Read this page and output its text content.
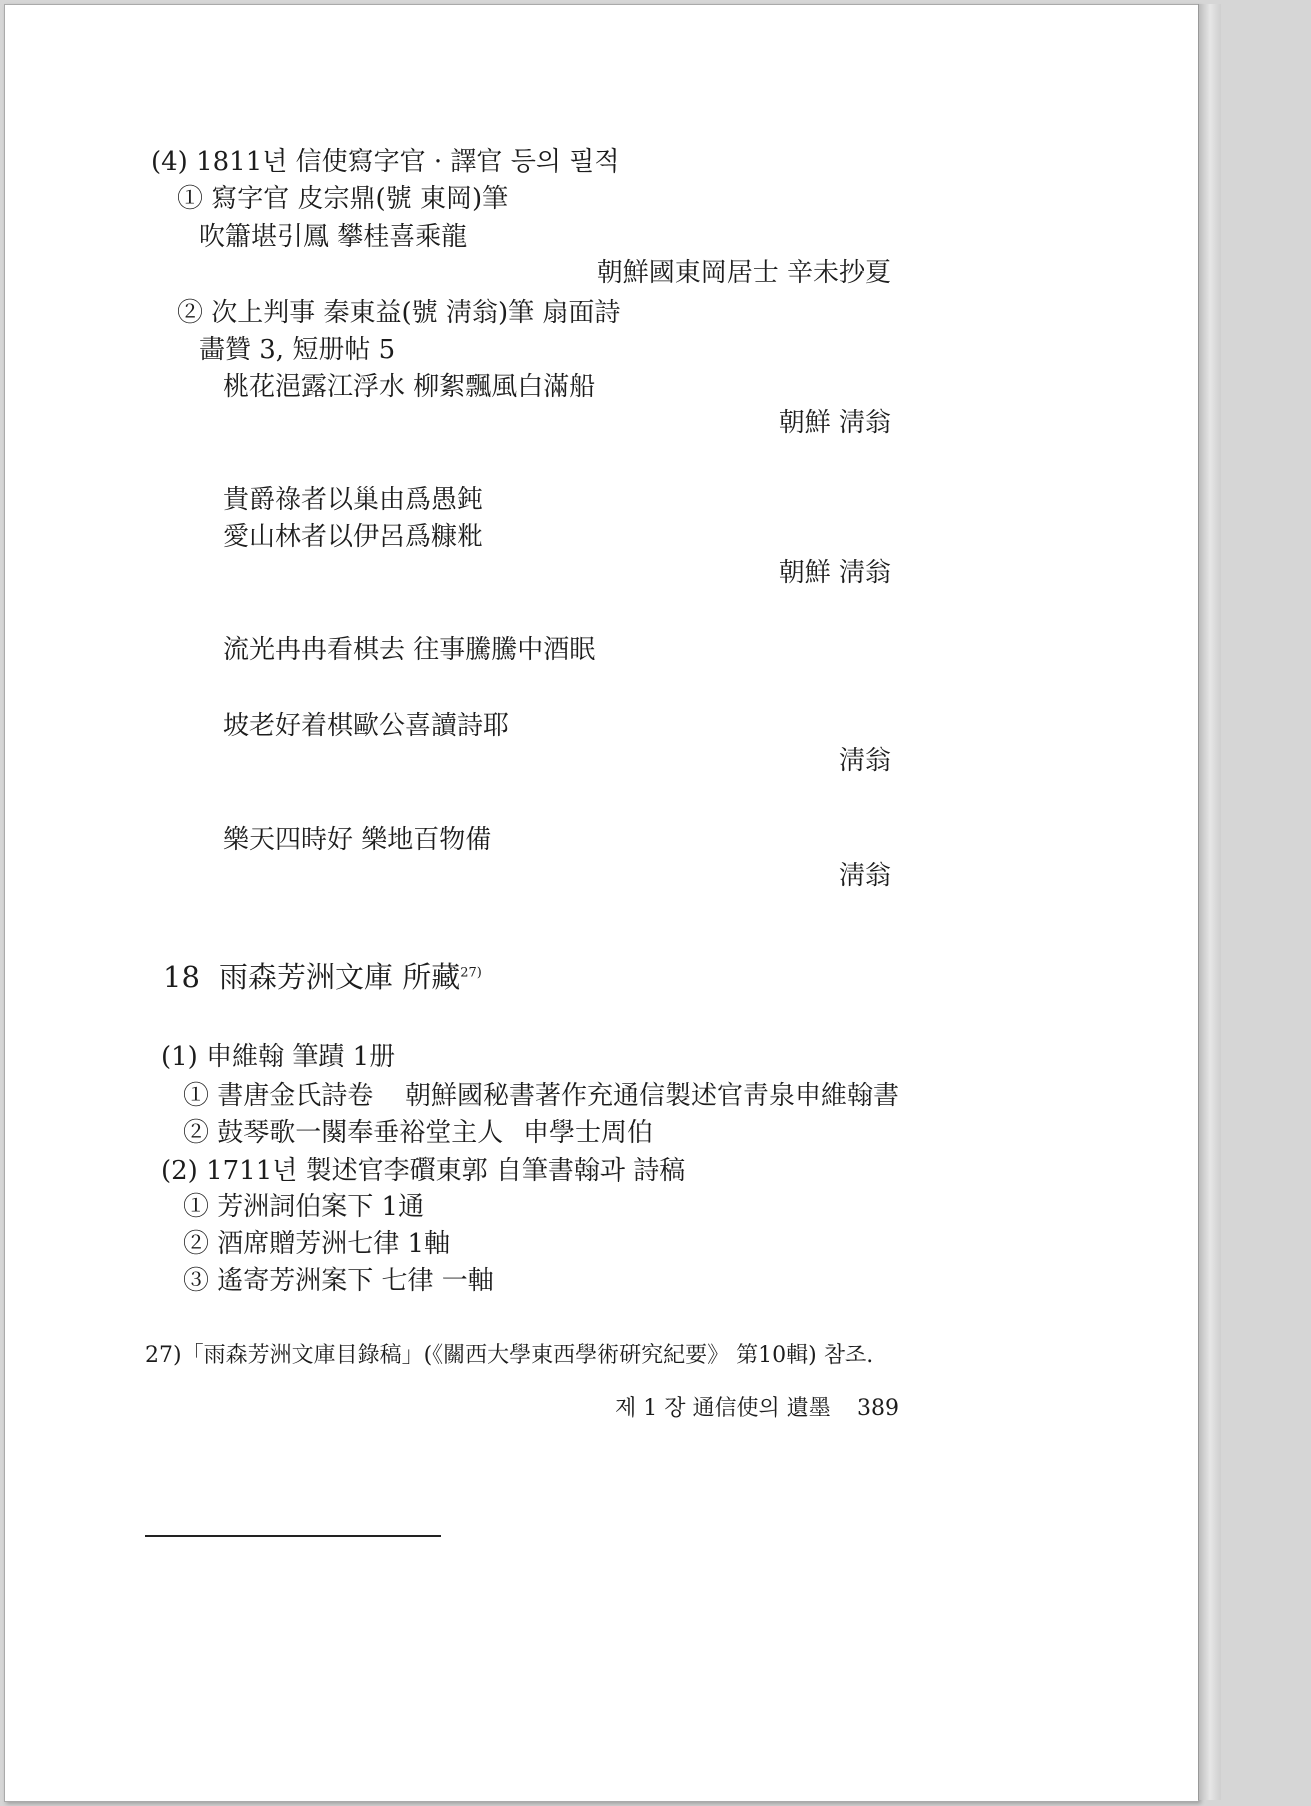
(4) 1811년 信使寫字官 · 譯官 등의 필적
① 寫字官 皮宗鼎(號 東岡)筆
吹簫堪引鳳 攀桂喜乘龍
朝鮮國東岡居士 辛未抄夏
② 次上判事 秦東益(號 淸翁)筆 扇面詩
畵贊 3, 短册帖 5
桃花浥露江浮水 柳絮飄風白滿船
朝鮮 淸翁
貴爵祿者以巢由爲愚鈍
愛山林者以伊呂爲糠粃
朝鮮 淸翁
流光冉冉看棋去 往事騰騰中酒眠
坡老好着棋歐公喜讀詩耶
淸翁
樂天四時好 樂地百物備
淸翁
18 雨森芳洲文庫 所藏$^{27)}$
(1) 申維翰 筆蹟 1册
① 書唐金氏詩卷 朝鮮國秘書著作充通信製述官靑泉申維翰書
② 鼓琴歌一闋奉垂裕堂主人 申學士周伯
(2) 1711년 製述官李礥東郭 自筆書翰과 詩稿
① 芳洲詞伯案下 1通
② 酒席贈芳洲七律 1軸
③ 遙寄芳洲案下 七律 一軸
27)「雨森芳洲文庫目錄稿」(《關西大學東西學術硏究紀要》 第10輯) 참조.
제 1 장 通信使의 遺墨 389
